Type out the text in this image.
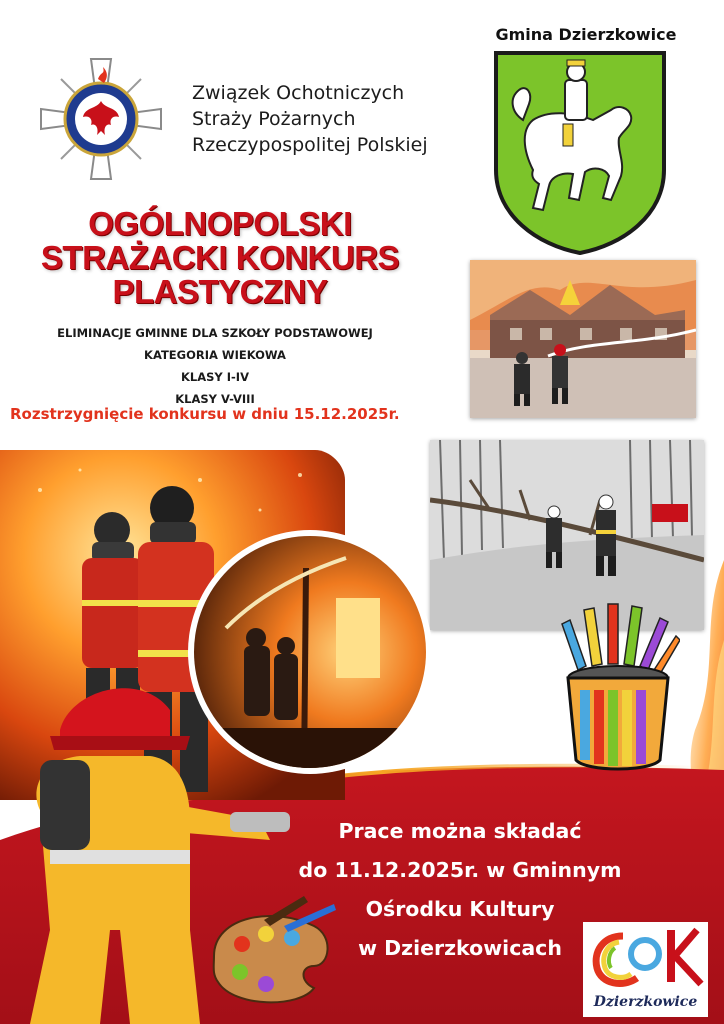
Związek Ochotniczych
Straży Pożarnych
Rzeczypospolitej Polskiej
Gmina Dzierzkowice
OGÓLNOPOLSKI
STRAŻACKI KONKURS
PLASTYCZNY
ELIMINACJE GMINNE DLA SZKOŁY PODSTAWOWEJ
KATEGORIA WIEKOWA
KLASY I-IV
KLASY V-VIII
Rozstrzygnięcie konkursu w dniu 15.12.2025r.
Prace można składać
do 11.12.2025r. w Gminnym
Ośrodku Kultury
w Dzierzkowicach
Dzierzkowice
